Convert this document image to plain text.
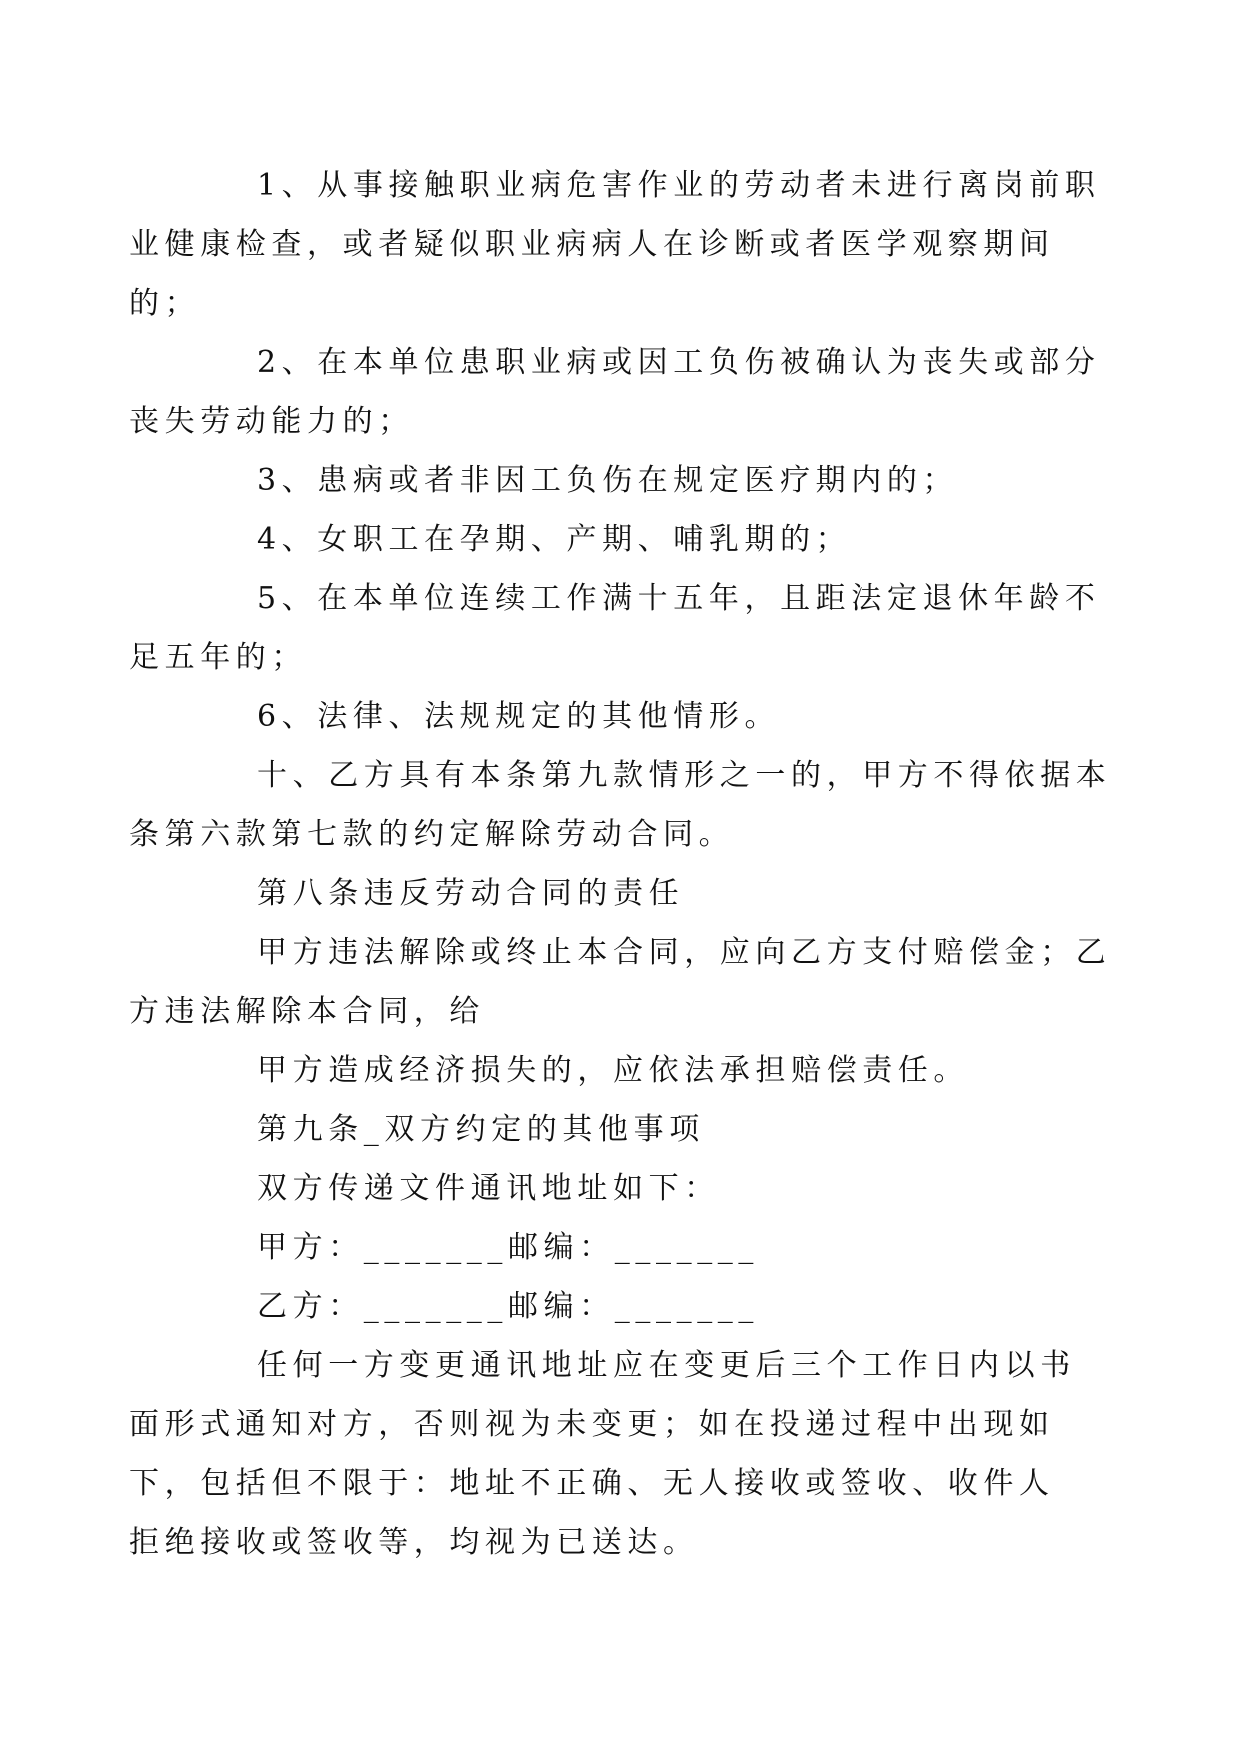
1、从事接触职业病危害作业的劳动者未进行离岗前职
业健康检查，或者疑似职业病病人在诊断或者医学观察期间
的；

2、在本单位患职业病或因工负伤被确认为丧失或部分
丧失劳动能力的；

3、患病或者非因工负伤在规定医疗期内的；

4、女职工在孕期、产期、哺乳期的；

5、在本单位连续工作满十五年，且距法定退休年龄不
足五年的；

6、法律、法规规定的其他情形。

十、乙方具有本条第九款情形之一的，甲方不得依据本
条第六款第七款的约定解除劳动合同。

第八条违反劳动合同的责任

甲方违法解除或终止本合同，应向乙方支付赔偿金；乙
方违法解除本合同，给

甲方造成经济损失的，应依法承担赔偿责任。

第九条_双方约定的其他事项

双方传递文件通讯地址如下：

甲方：_______邮编：_______

乙方：_______邮编：_______

任何一方变更通讯地址应在变更后三个工作日内以书
面形式通知对方，否则视为未变更；如在投递过程中出现如
下，包括但不限于：地址不正确、无人接收或签收、收件人
拒绝接收或签收等，均视为已送达。
